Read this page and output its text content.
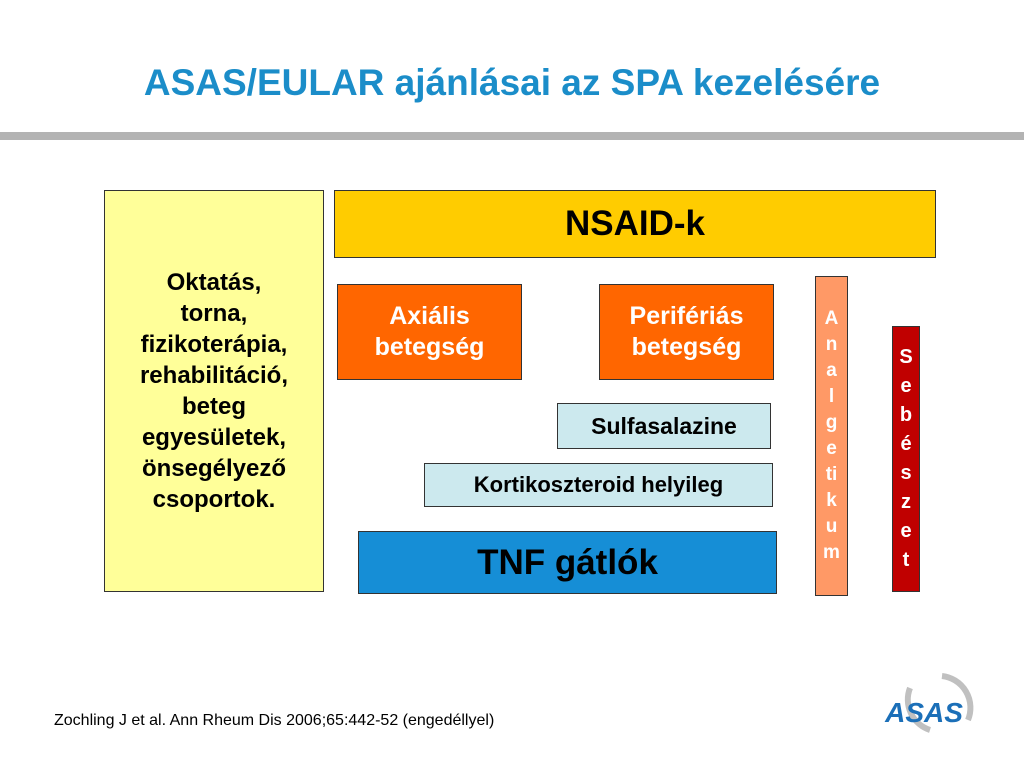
ASAS/EULAR ajánlásai az SPA kezelésére
Oktatás,
torna,
fizikoterápia,
rehabilitáció,
beteg
egyesületek,
önsegélyező
csoportok.
NSAID-k
Axiális
betegség
Perifériás
betegség
Sulfasalazine
Kortikoszteroid helyileg
TNF gátlók
A
n
a
l
g
e
ti
k
u
m
S
e
b
é
s
z
e
t
Zochling J et al. Ann Rheum Dis 2006;65:442-52 (engedéllyel)	ASAS
